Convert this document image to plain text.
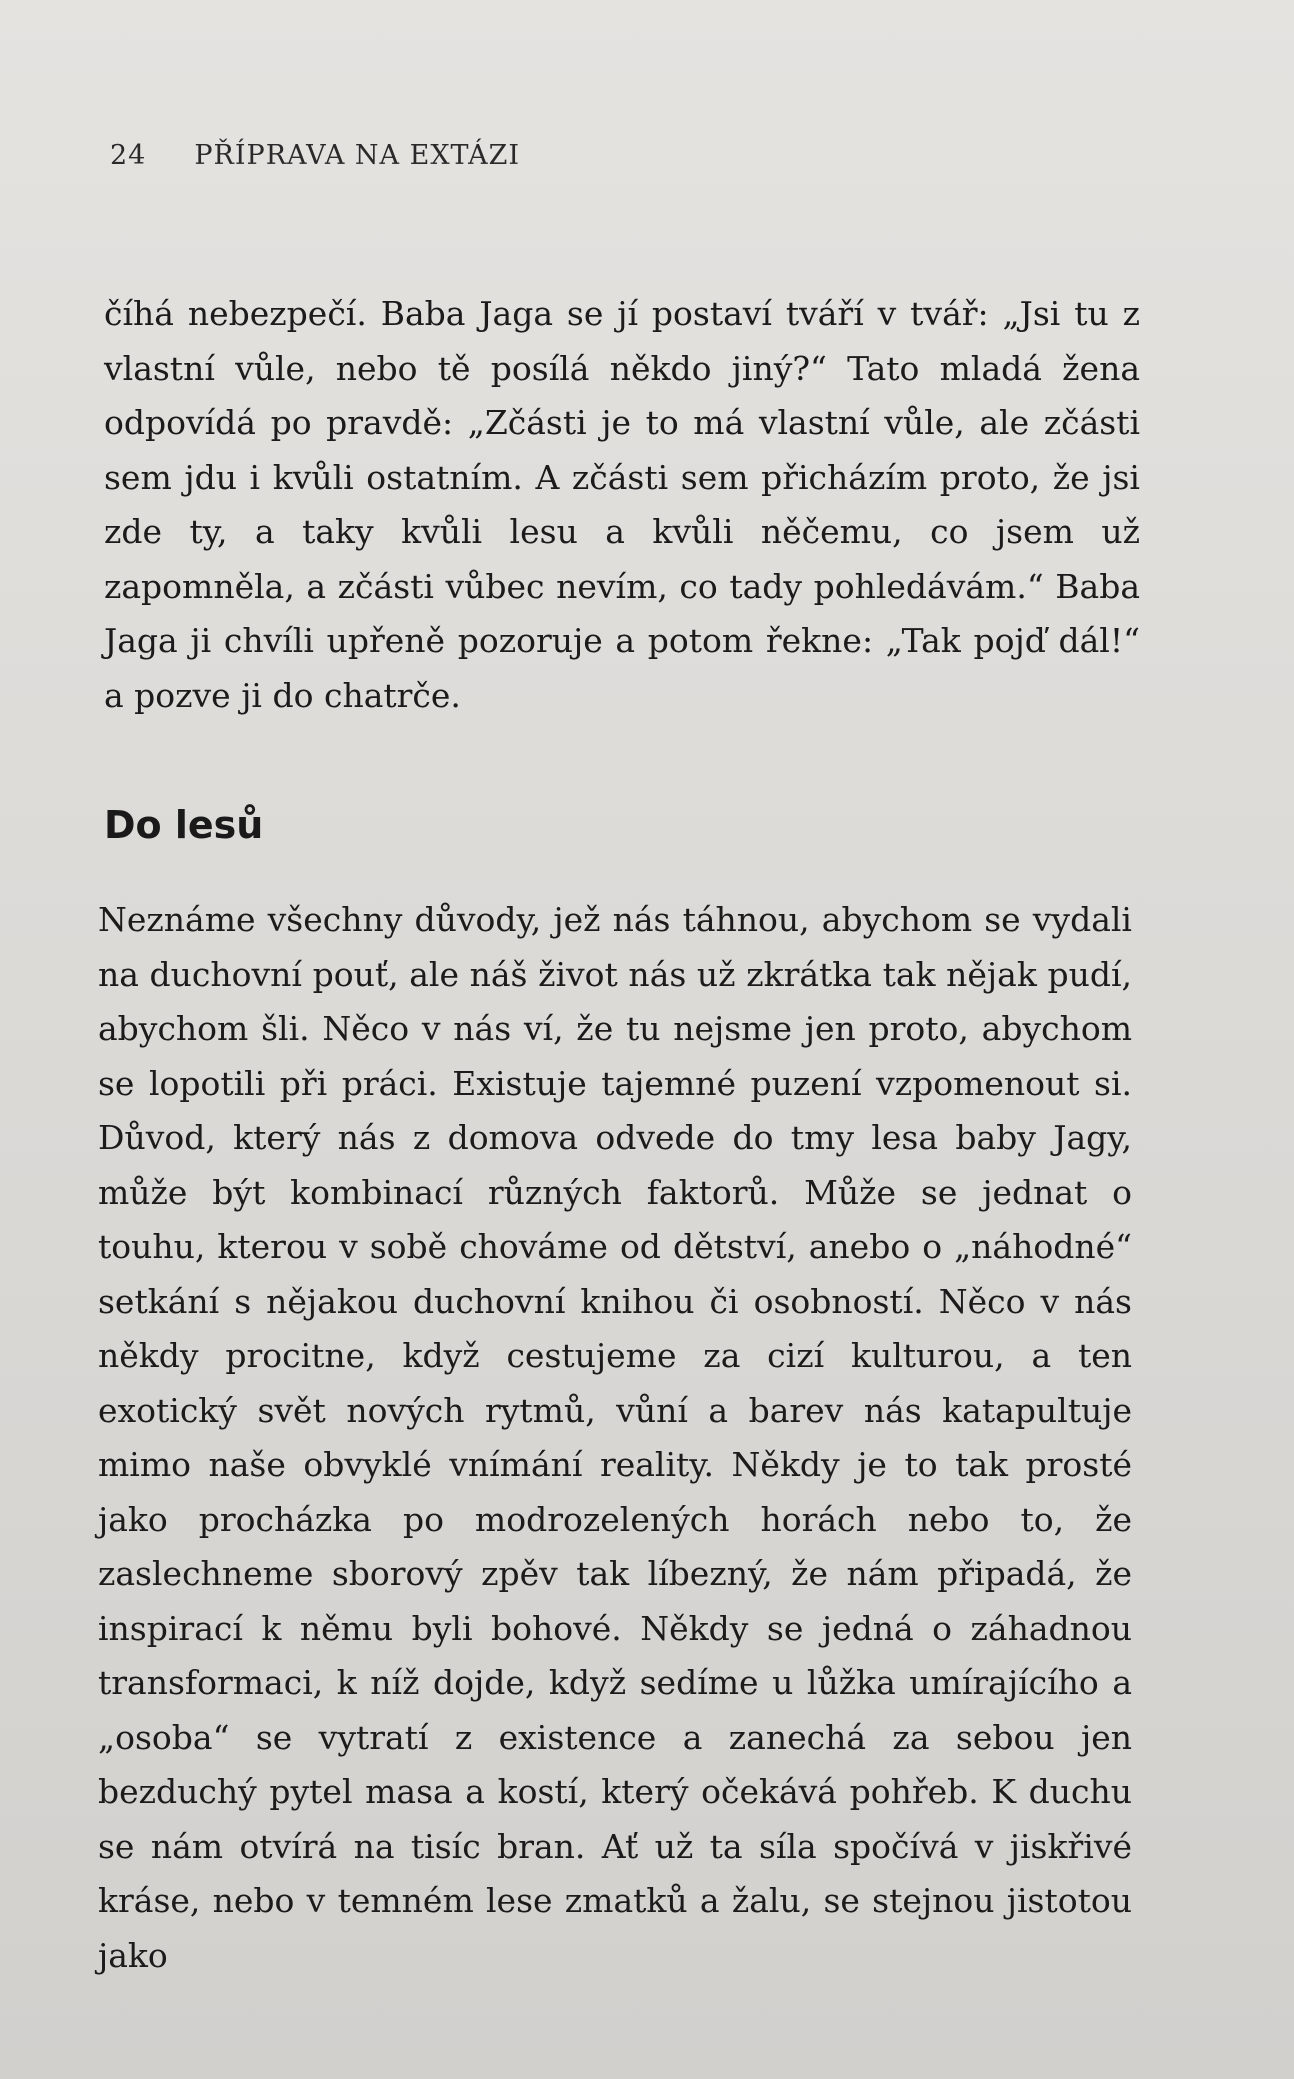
24 PŘÍPRAVA NA EXTÁZI

číhá nebezpečí. Baba Jaga se jí postaví tváří v tvář: „Jsi tu z vlastní vůle, nebo tě posílá někdo jiný?“ Tato mladá žena odpovídá po pravdě: „Zčásti je to má vlastní vůle, ale zčásti sem jdu i kvůli ostatním. A zčásti sem přicházím proto, že jsi zde ty, a taky kvůli lesu a kvůli něčemu, co jsem už zapomněla, a zčásti vůbec nevím, co tady pohledávám.“ Baba Jaga ji chvíli upřeně pozoruje a potom řekne: „Tak pojď dál!“ a pozve ji do chatrče.

Do lesů

Neznáme všechny důvody, jež nás táhnou, abychom se vydali na duchovní pouť, ale náš život nás už zkrátka tak nějak pudí, abychom šli. Něco v nás ví, že tu nejsme jen proto, abychom se lopotili při práci. Existuje tajemné puzení vzpomenout si. Důvod, který nás z domova odvede do tmy lesa baby Jagy, může být kombinací různých faktorů. Může se jednat o touhu, kterou v sobě chováme od dětství, anebo o „náhodné“ setkání s nějakou duchovní knihou či osobností. Něco v nás někdy procitne, když cestujeme za cizí kulturou, a ten exotický svět nových rytmů, vůní a barev nás katapultuje mimo naše obvyklé vnímání reality. Někdy je to tak prosté jako procházka po modrozelených horách nebo to, že zaslechneme sborový zpěv tak líbezný, že nám připadá, že inspirací k němu byli bohové. Někdy se jedná o záhadnou transformaci, k níž dojde, když sedíme u lůžka umírajícího a „osoba“ se vytratí z existence a zanechá za sebou jen bezduchý pytel masa a kostí, který očekává pohřeb. K duchu se nám otvírá na tisíc bran. Ať už ta síla spočívá v jiskřivé kráse, nebo v temném lese zmatků a žalu, se stejnou jistotou jako
